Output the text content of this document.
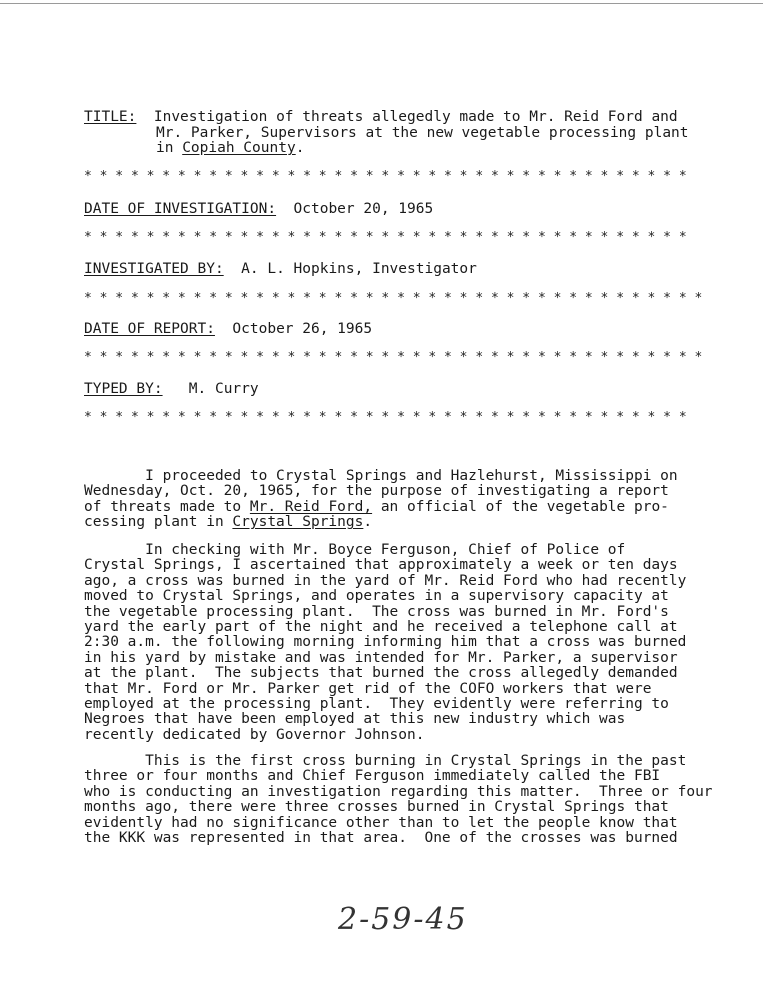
TITLE: Investigation of threats allegedly made to Mr. Reid Ford and
Mr. Parker, Supervisors at the new vegetable processing plant
in Copiah County.
* * * * * * * * * * * * * * * * * * * * * * * * * * * * * * * * * * * * * * *
DATE OF INVESTIGATION: October 20, 1965
* * * * * * * * * * * * * * * * * * * * * * * * * * * * * * * * * * * * * * *
INVESTIGATED BY: A. L. Hopkins, Investigator
* * * * * * * * * * * * * * * * * * * * * * * * * * * * * * * * * * * * * * * *
DATE OF REPORT: October 26, 1965
* * * * * * * * * * * * * * * * * * * * * * * * * * * * * * * * * * * * * * * *
TYPED BY: M. Curry
* * * * * * * * * * * * * * * * * * * * * * * * * * * * * * * * * * * * * * *
I proceeded to Crystal Springs and Hazlehurst, Mississippi on
Wednesday, Oct. 20, 1965, for the purpose of investigating a report
of threats made to Mr. Reid Ford, an official of the vegetable pro-
cessing plant in Crystal Springs.
In checking with Mr. Boyce Ferguson, Chief of Police of
Crystal Springs, I ascertained that approximately a week or ten days
ago, a cross was burned in the yard of Mr. Reid Ford who had recently
moved to Crystal Springs, and operates in a supervisory capacity at
the vegetable processing plant.  The cross was burned in Mr. Ford's
yard the early part of the night and he received a telephone call at
2:30 a.m. the following morning informing him that a cross was burned
in his yard by mistake and was intended for Mr. Parker, a supervisor
at the plant.  The subjects that burned the cross allegedly demanded
that Mr. Ford or Mr. Parker get rid of the COFO workers that were
employed at the processing plant.  They evidently were referring to
Negroes that have been employed at this new industry which was
recently dedicated by Governor Johnson.
This is the first cross burning in Crystal Springs in the past
three or four months and Chief Ferguson immediately called the FBI
who is conducting an investigation regarding this matter.  Three or four
months ago, there were three crosses burned in Crystal Springs that
evidently had no significance other than to let the people know that
the KKK was represented in that area.  One of the crosses was burned
2-59-45
